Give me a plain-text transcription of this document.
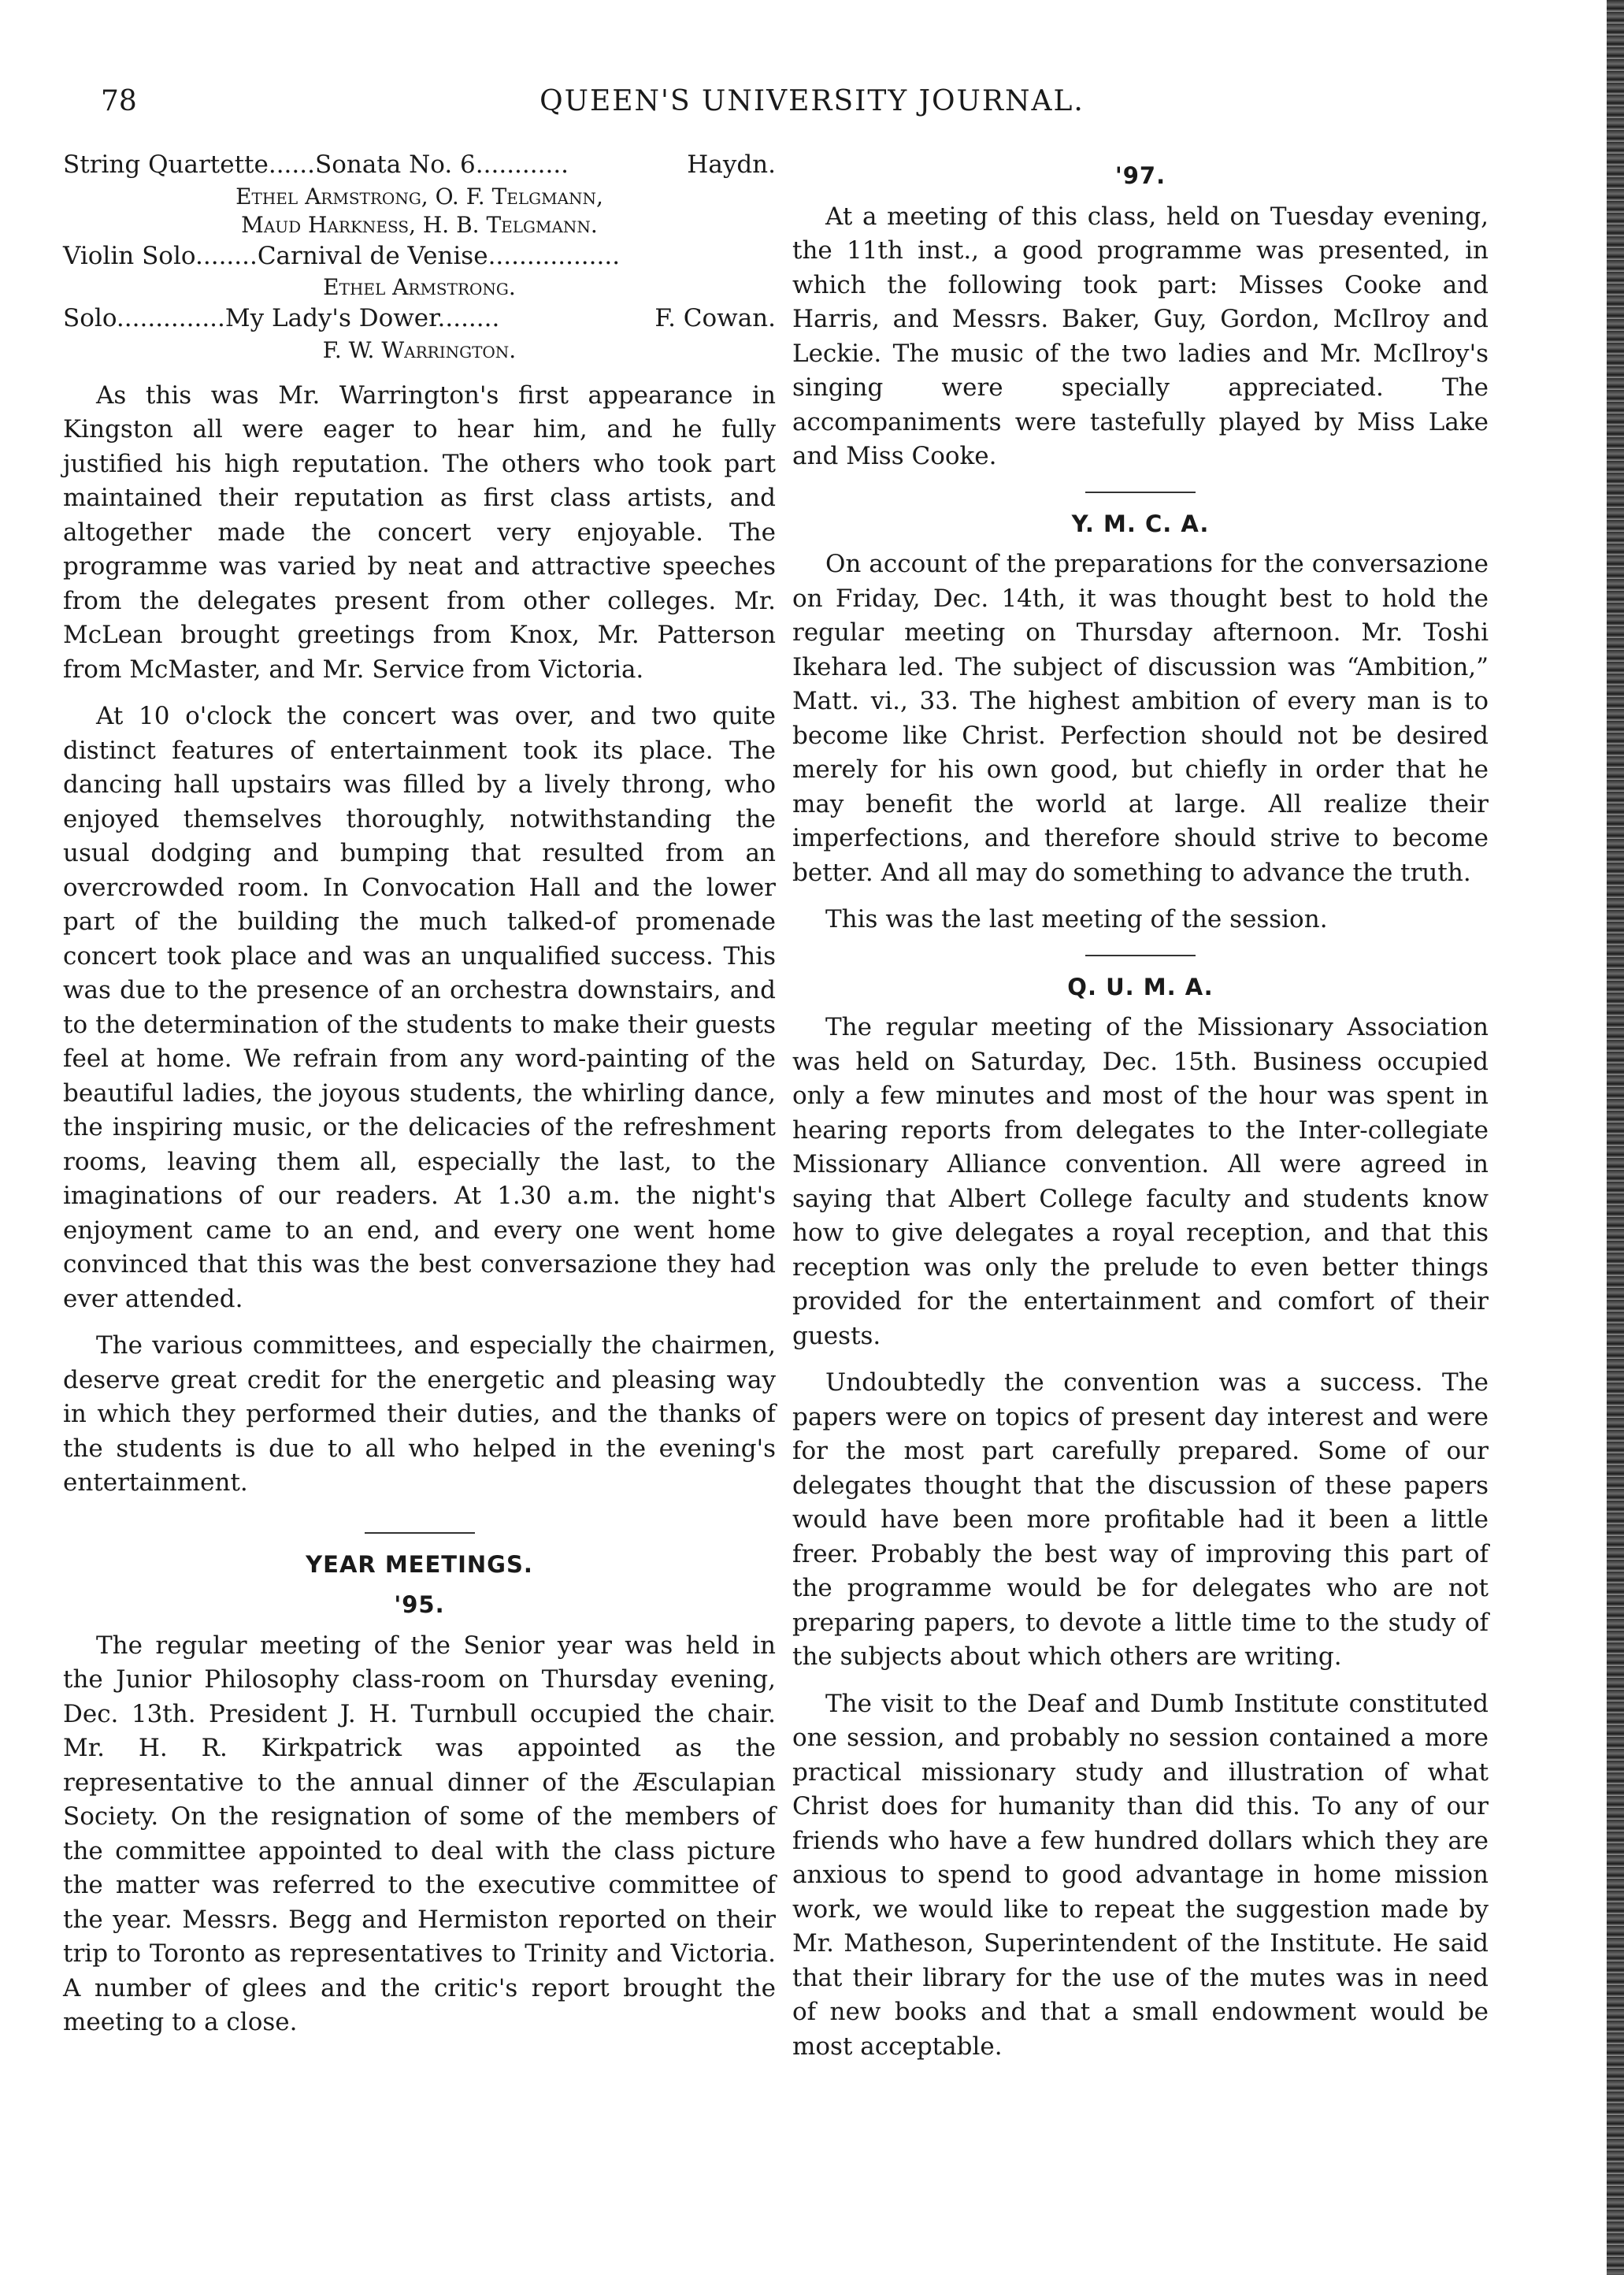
78	QUEEN'S UNIVERSITY JOURNAL.
String Quartette......Sonata No. 6............	Haydn.
Ethel Armstrong, O. F. Telgmann,
Maud Harkness, H. B. Telgmann.
Violin Solo........Carnival de Venise.................
Ethel Armstrong.
Solo..............My Lady's Dower........	F. Cowan.
F. W. Warrington.

As this was Mr. Warrington's first appearance in Kingston all were eager to hear him, and he fully justified his high reputation. The others who took part maintained their reputation as first class artists, and altogether made the concert very enjoyable. The programme was varied by neat and attractive speeches from the delegates present from other colleges. Mr. McLean brought greetings from Knox, Mr. Patterson from McMaster, and Mr. Service from Victoria.

At 10 o'clock the concert was over, and two quite distinct features of entertainment took its place. The dancing hall upstairs was filled by a lively throng, who enjoyed themselves thoroughly, notwithstanding the usual dodging and bumping that resulted from an overcrowded room. In Convocation Hall and the lower part of the building the much talked-of promenade concert took place and was an unqualified success. This was due to the presence of an orchestra downstairs, and to the determination of the students to make their guests feel at home. We refrain from any word-painting of the beautiful ladies, the joyous students, the whirling dance, the inspiring music, or the delicacies of the refreshment rooms, leaving them all, especially the last, to the imaginations of our readers. At 1.30 a.m. the night's enjoyment came to an end, and every one went home convinced that this was the best conversazione they had ever attended.

The various committees, and especially the chairmen, deserve great credit for the energetic and pleasing way in which they performed their duties, and the thanks of the students is due to all who helped in the evening's entertainment.

YEAR MEETINGS.
'95.

The regular meeting of the Senior year was held in the Junior Philosophy class-room on Thursday evening, Dec. 13th. President J. H. Turnbull occupied the chair. Mr. H. R. Kirkpatrick was appointed as the representative to the annual dinner of the Æsculapian Society. On the resignation of some of the members of the committee appointed to deal with the class picture the matter was referred to the executive committee of the year. Messrs. Begg and Hermiston reported on their trip to Toronto as representatives to Trinity and Victoria. A number of glees and the critic's report brought the meeting to a close.

'97.

At a meeting of this class, held on Tuesday evening, the 11th inst., a good programme was presented, in which the following took part: Misses Cooke and Harris, and Messrs. Baker, Guy, Gordon, McIlroy and Leckie. The music of the two ladies and Mr. McIlroy's singing were specially appreciated. The accompaniments were tastefully played by Miss Lake and Miss Cooke.

Y. M. C. A.

On account of the preparations for the conversazione on Friday, Dec. 14th, it was thought best to hold the regular meeting on Thursday afternoon. Mr. Toshi Ikehara led. The subject of discussion was “Ambition,” Matt. vi., 33. The highest ambition of every man is to become like Christ. Perfection should not be desired merely for his own good, but chiefly in order that he may benefit the world at large. All realize their imperfections, and therefore should strive to become better. And all may do something to advance the truth.

This was the last meeting of the session.

Q. U. M. A.

The regular meeting of the Missionary Association was held on Saturday, Dec. 15th. Business occupied only a few minutes and most of the hour was spent in hearing reports from delegates to the Inter-collegiate Missionary Alliance convention. All were agreed in saying that Albert College faculty and students know how to give delegates a royal reception, and that this reception was only the prelude to even better things provided for the entertainment and comfort of their guests.

Undoubtedly the convention was a success. The papers were on topics of present day interest and were for the most part carefully prepared. Some of our delegates thought that the discussion of these papers would have been more profitable had it been a little freer. Probably the best way of improving this part of the programme would be for delegates who are not preparing papers, to devote a little time to the study of the subjects about which others are writing.

The visit to the Deaf and Dumb Institute constituted one session, and probably no session contained a more practical missionary study and illustration of what Christ does for humanity than did this. To any of our friends who have a few hundred dollars which they are anxious to spend to good advantage in home mission work, we would like to repeat the suggestion made by Mr. Matheson, Superintendent of the Institute. He said that their library for the use of the mutes was in need of new books and that a small endowment would be most acceptable.
